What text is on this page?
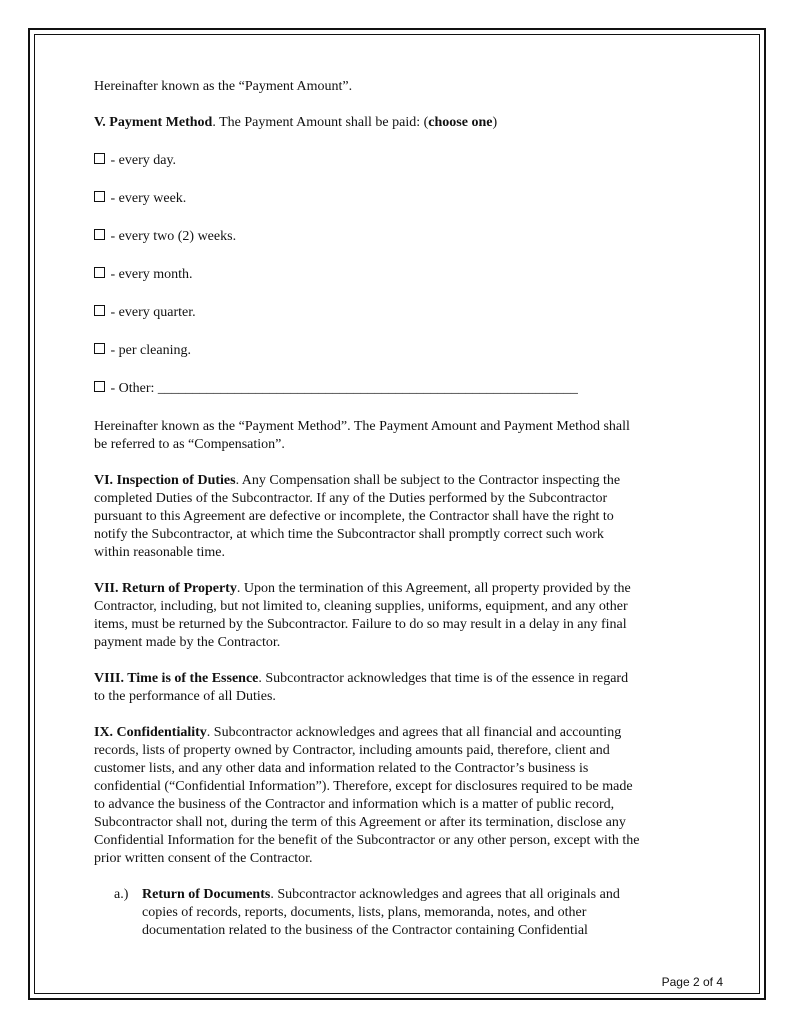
Hereinafter known as the “Payment Amount”.

V. Payment Method. The Payment Amount shall be paid: (choose one)

- every day.

- every week.

- every two (2) weeks.

- every month.

- every quarter.

- per cleaning.

- Other: ____________________________________________________________

Hereinafter known as the “Payment Method”. The Payment Amount and Payment Method shall

be referred to as “Compensation”.

VI. Inspection of Duties. Any Compensation shall be subject to the Contractor inspecting the

completed Duties of the Subcontractor. If any of the Duties performed by the Subcontractor

pursuant to this Agreement are defective or incomplete, the Contractor shall have the right to

notify the Subcontractor, at which time the Subcontractor shall promptly correct such work

within reasonable time.

VII. Return of Property. Upon the termination of this Agreement, all property provided by the

Contractor, including, but not limited to, cleaning supplies, uniforms, equipment, and any other

items, must be returned by the Subcontractor. Failure to do so may result in a delay in any final

payment made by the Contractor.

VIII. Time is of the Essence. Subcontractor acknowledges that time is of the essence in regard

to the performance of all Duties.

IX. Confidentiality. Subcontractor acknowledges and agrees that all financial and accounting

records, lists of property owned by Contractor, including amounts paid, therefore, client and

customer lists, and any other data and information related to the Contractor’s business is

confidential (“Confidential Information”). Therefore, except for disclosures required to be made

to advance the business of the Contractor and information which is a matter of public record,

Subcontractor shall not, during the term of this Agreement or after its termination, disclose any

Confidential Information for the benefit of the Subcontractor or any other person, except with the

prior written consent of the Contractor.

a.) Return of Documents. Subcontractor acknowledges and agrees that all originals and

copies of records, reports, documents, lists, plans, memoranda, notes, and other

documentation related to the business of the Contractor containing Confidential

Page 2 of 4
